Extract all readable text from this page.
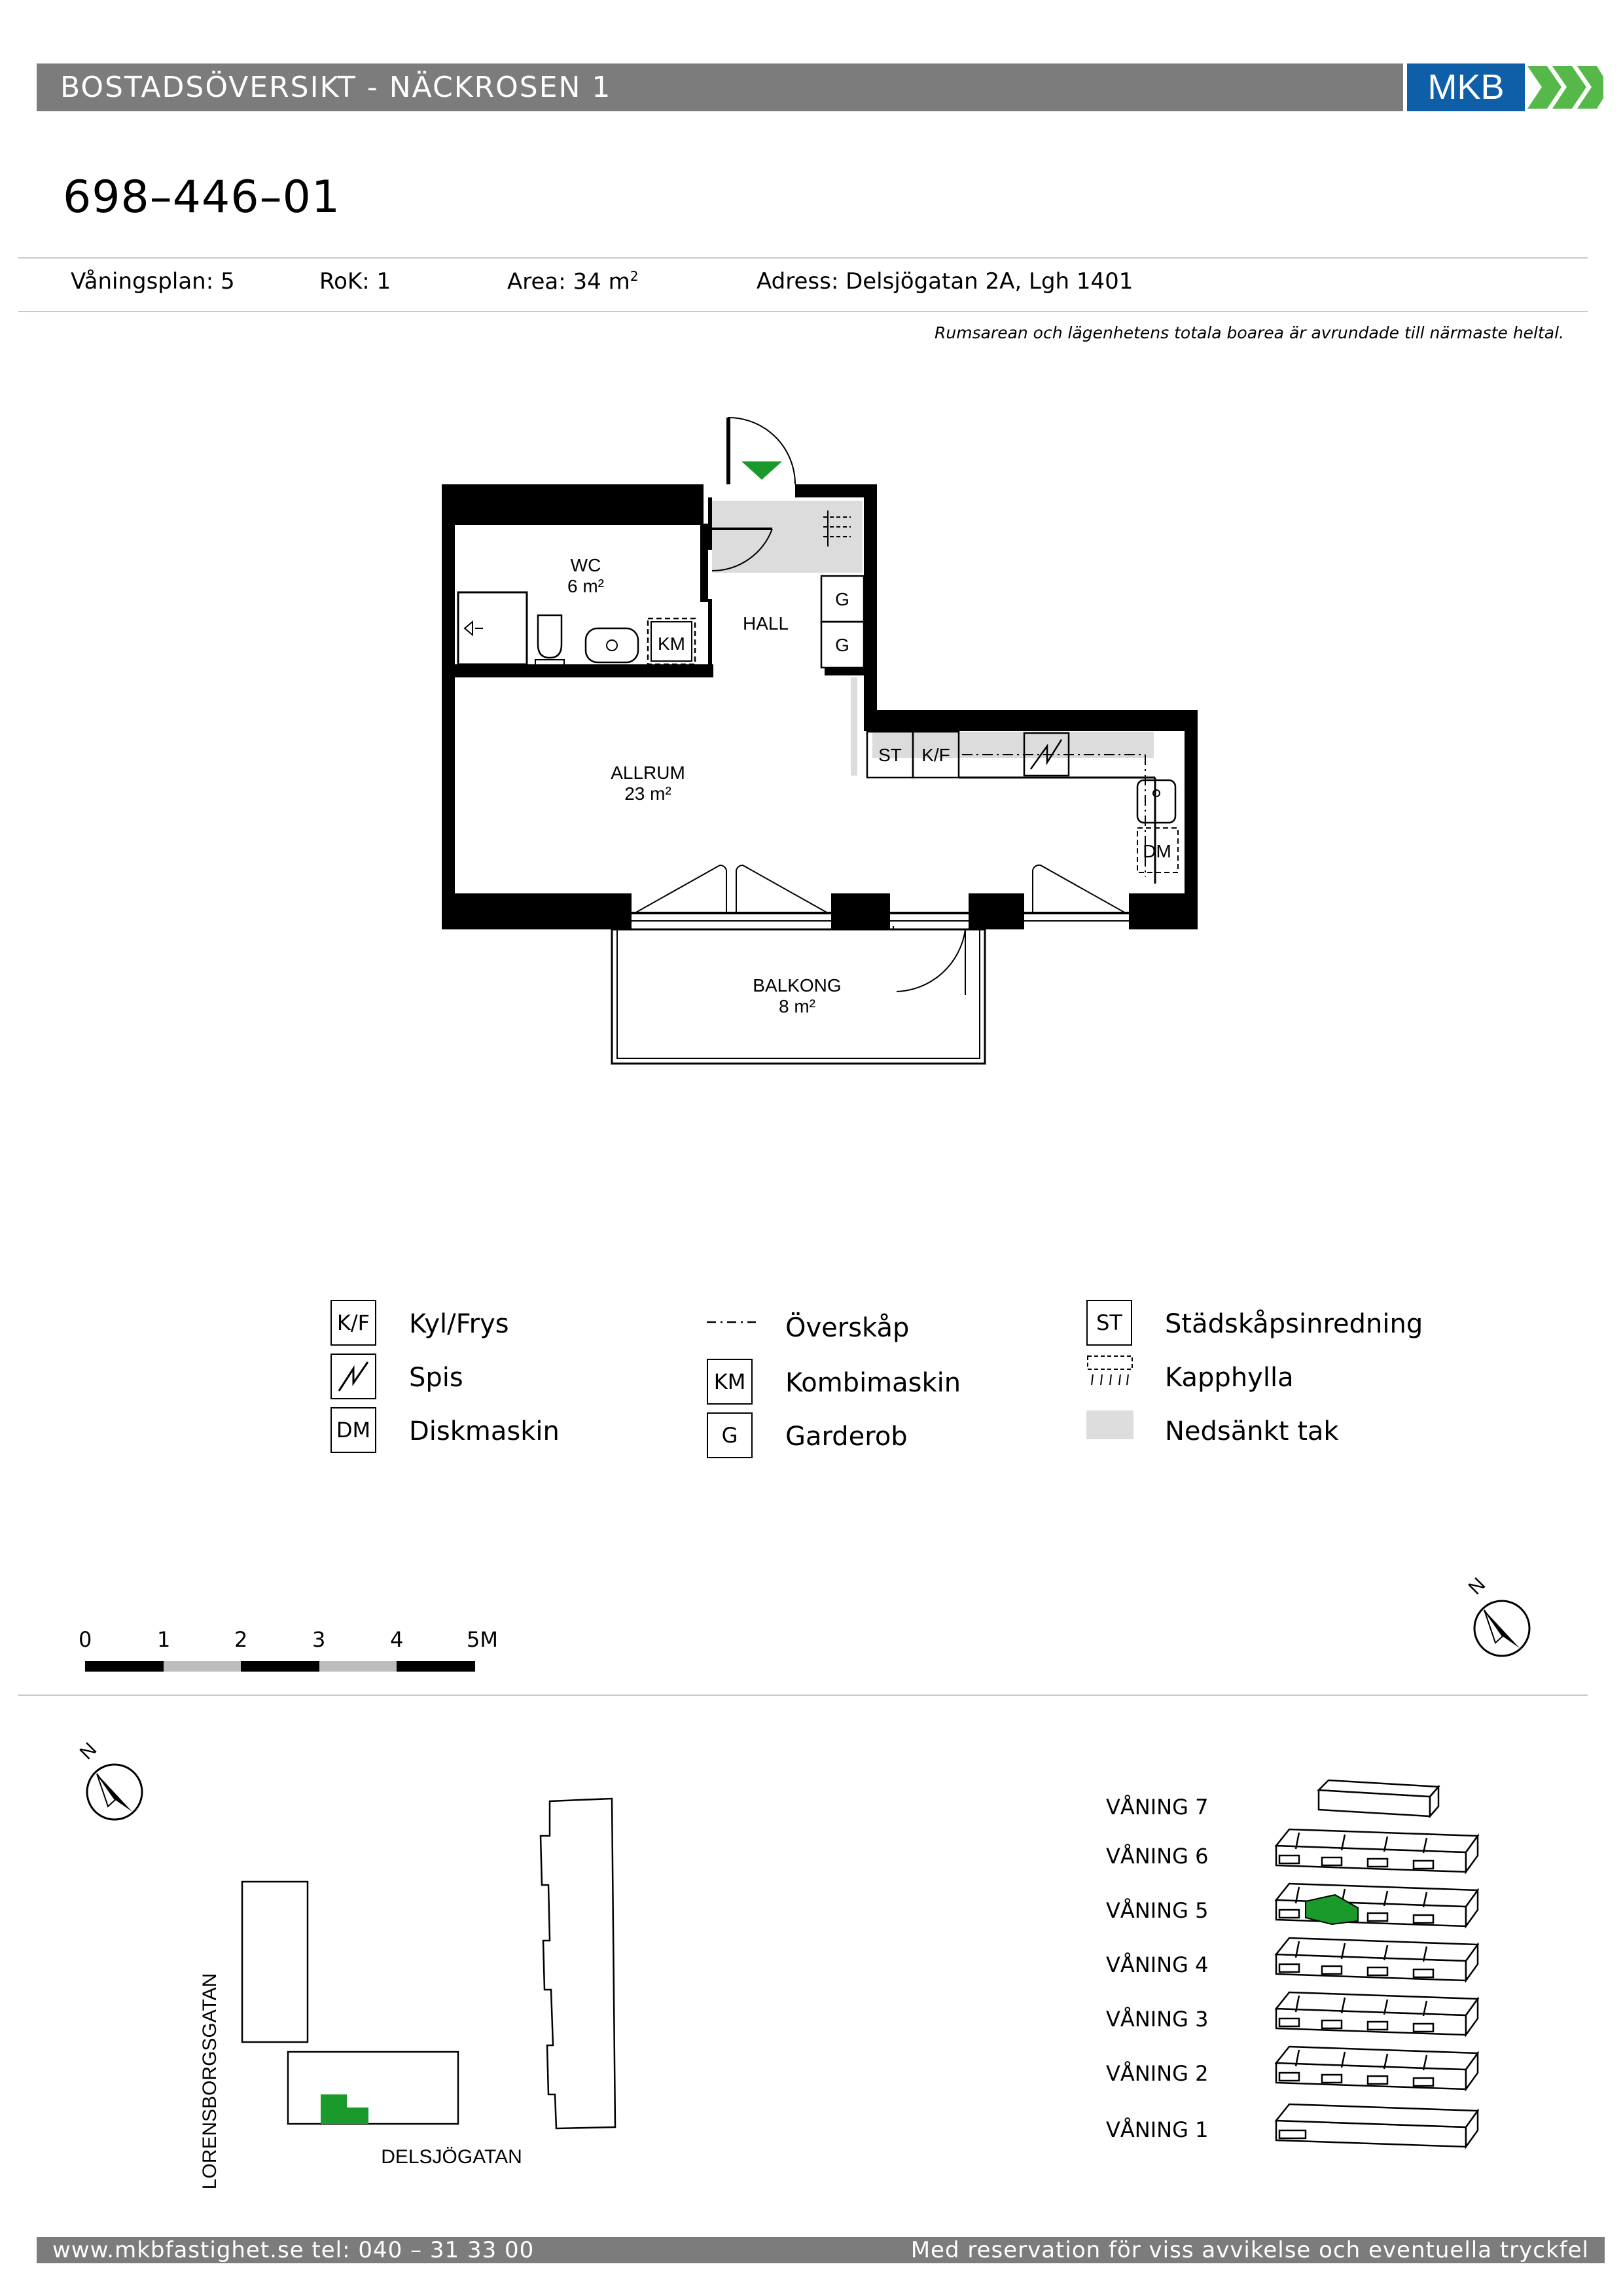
BOSTADSÖVERSIKT - NÄCKROSEN 1	MKB
698–446–01
Våningsplan: 5	RoK: 1	Area: 34 $m^2$	Adress: Delsjögatan 2A, Lgh 1401
Rumsarean och lägenhetens totala boarea är avrundade till närmaste heltal.
KM
G
G
ST K/F
DM
WC
6 m²
HALL
ALLRUM
23 m²
BALKONG
8 m²
N
N
LORENSBORGSGATAN	DELSJÖGATAN
K/F Kyl/Frys
Spis
DM Diskmaskin
Överskåp
KM Kombimaskin
G	Garderob
ST	Städskåpsinredning
Kapphylla
Nedsänkt tak
0	1	2	3	4	5M
VÅNING 7
VÅNING 6
VÅNING 5
VÅNING 4
VÅNING 3
VÅNING 2
VÅNING 1
www.mkbfastighet.se tel: 040 – 31 33 00	Med reservation för viss avvikelse och eventuella tryckfel
